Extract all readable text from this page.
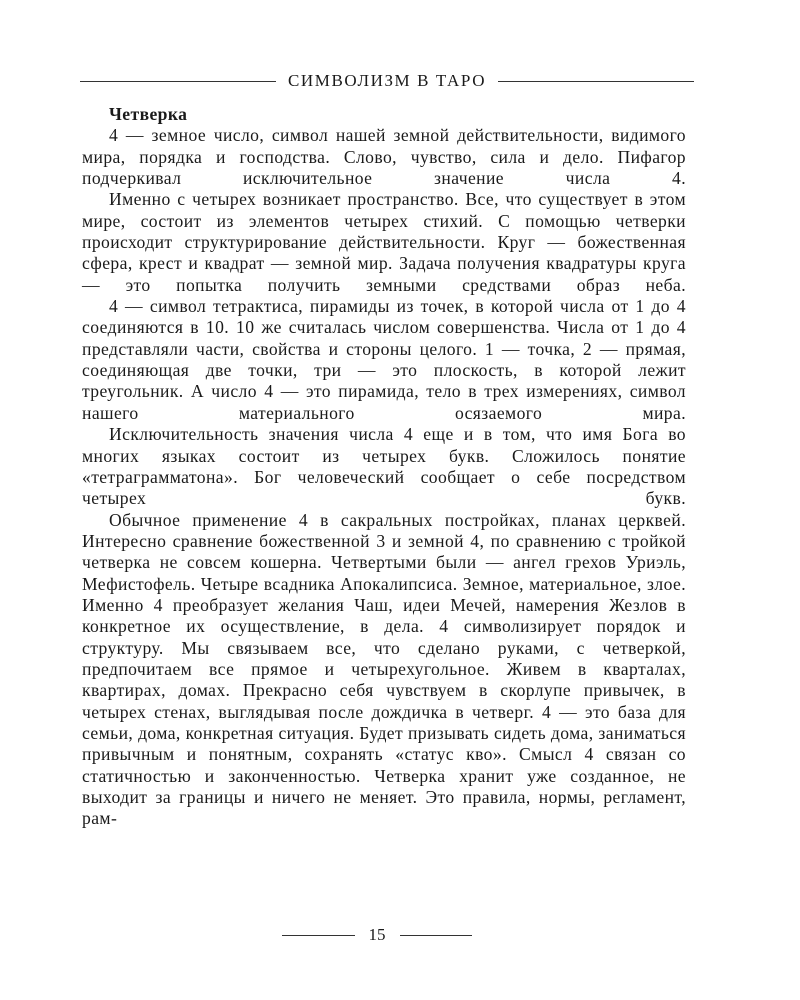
СИМВОЛИЗМ В ТАРО

Четверка

4 — земное число, символ нашей земной действительности, видимого мира, порядка и господства. Слово, чувство, сила и дело. Пифагор подчеркивал исключительное значение числа 4.

Именно с четырех возникает пространство. Все, что существует в этом мире, состоит из элементов четырех стихий. С помощью четверки происходит структурирование действительности. Круг — божественная сфера, крест и квадрат — земной мир. Задача получения квадратуры круга — это попытка получить земными средствами образ неба.

4 — символ тетрактиса, пирамиды из точек, в которой числа от 1 до 4 соединяются в 10. 10 же считалась числом совершенства. Числа от 1 до 4 представляли части, свойства и стороны целого. 1 — точка, 2 — прямая, соединяющая две точки, три — это плоскость, в которой лежит треугольник. А число 4 — это пирамида, тело в трех измерениях, символ нашего материального осязаемого мира.

Исключительность значения числа 4 еще и в том, что имя Бога во многих языках состоит из четырех букв. Сложилось понятие «тетраграмматона». Бог человеческий сообщает о себе посредством четырех букв.

Обычное применение 4 в сакральных постройках, планах церквей. Интересно сравнение божественной 3 и земной 4, по сравнению с тройкой четверка не совсем кошерна. Четвертыми были — ангел грехов Уриэль, Мефистофель. Четыре всадника Апокалипсиса. Земное, материальное, злое. Именно 4 преобразует желания Чаш, идеи Мечей, намерения Жезлов в конкретное их осуществление, в дела. 4 символизирует порядок и структуру. Мы связываем все, что сделано руками, с четверкой, предпочитаем все прямое и четырехугольное. Живем в кварталах, квартирах, домах. Прекрасно себя чувствуем в скорлупе привычек, в четырех стенах, выглядывая после дождичка в четверг. 4 — это база для семьи, дома, конкретная ситуация. Будет призывать сидеть дома, заниматься привычным и понятным, сохранять «статус кво». Смысл 4 связан со статичностью и законченностью. Четверка хранит уже созданное, не выходит за границы и ничего не меняет. Это правила, нормы, регламент, рам-

15
